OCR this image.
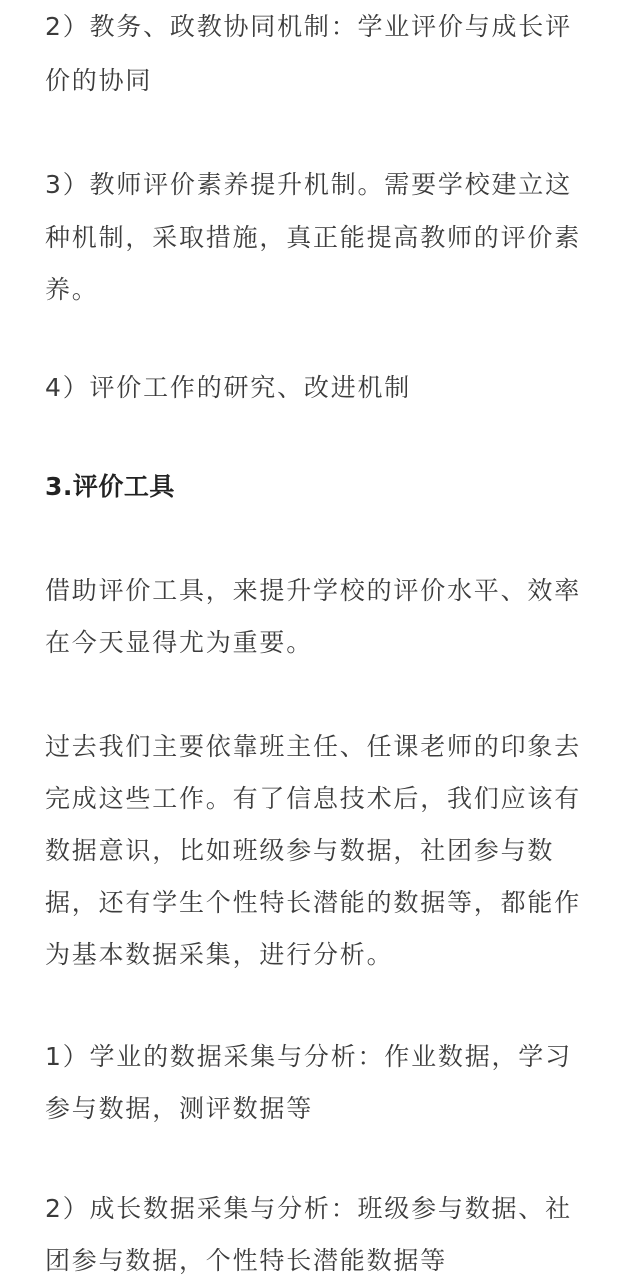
2）教务、政教协同机制：学业评价与成长评
价的协同
3）教师评价素养提升机制。需要学校建立这
种机制，采取措施，真正能提高教师的评价素
养。
4）评价工作的研究、改进机制
3.评价工具
借助评价工具，来提升学校的评价水平、效率
在今天显得尤为重要。
过去我们主要依靠班主任、任课老师的印象去
完成这些工作。有了信息技术后，我们应该有
数据意识，比如班级参与数据，社团参与数
据，还有学生个性特长潜能的数据等，都能作
为基本数据采集，进行分析。
1）学业的数据采集与分析：作业数据，学习
参与数据，测评数据等
2）成长数据采集与分析：班级参与数据、社
团参与数据，个性特长潜能数据等
